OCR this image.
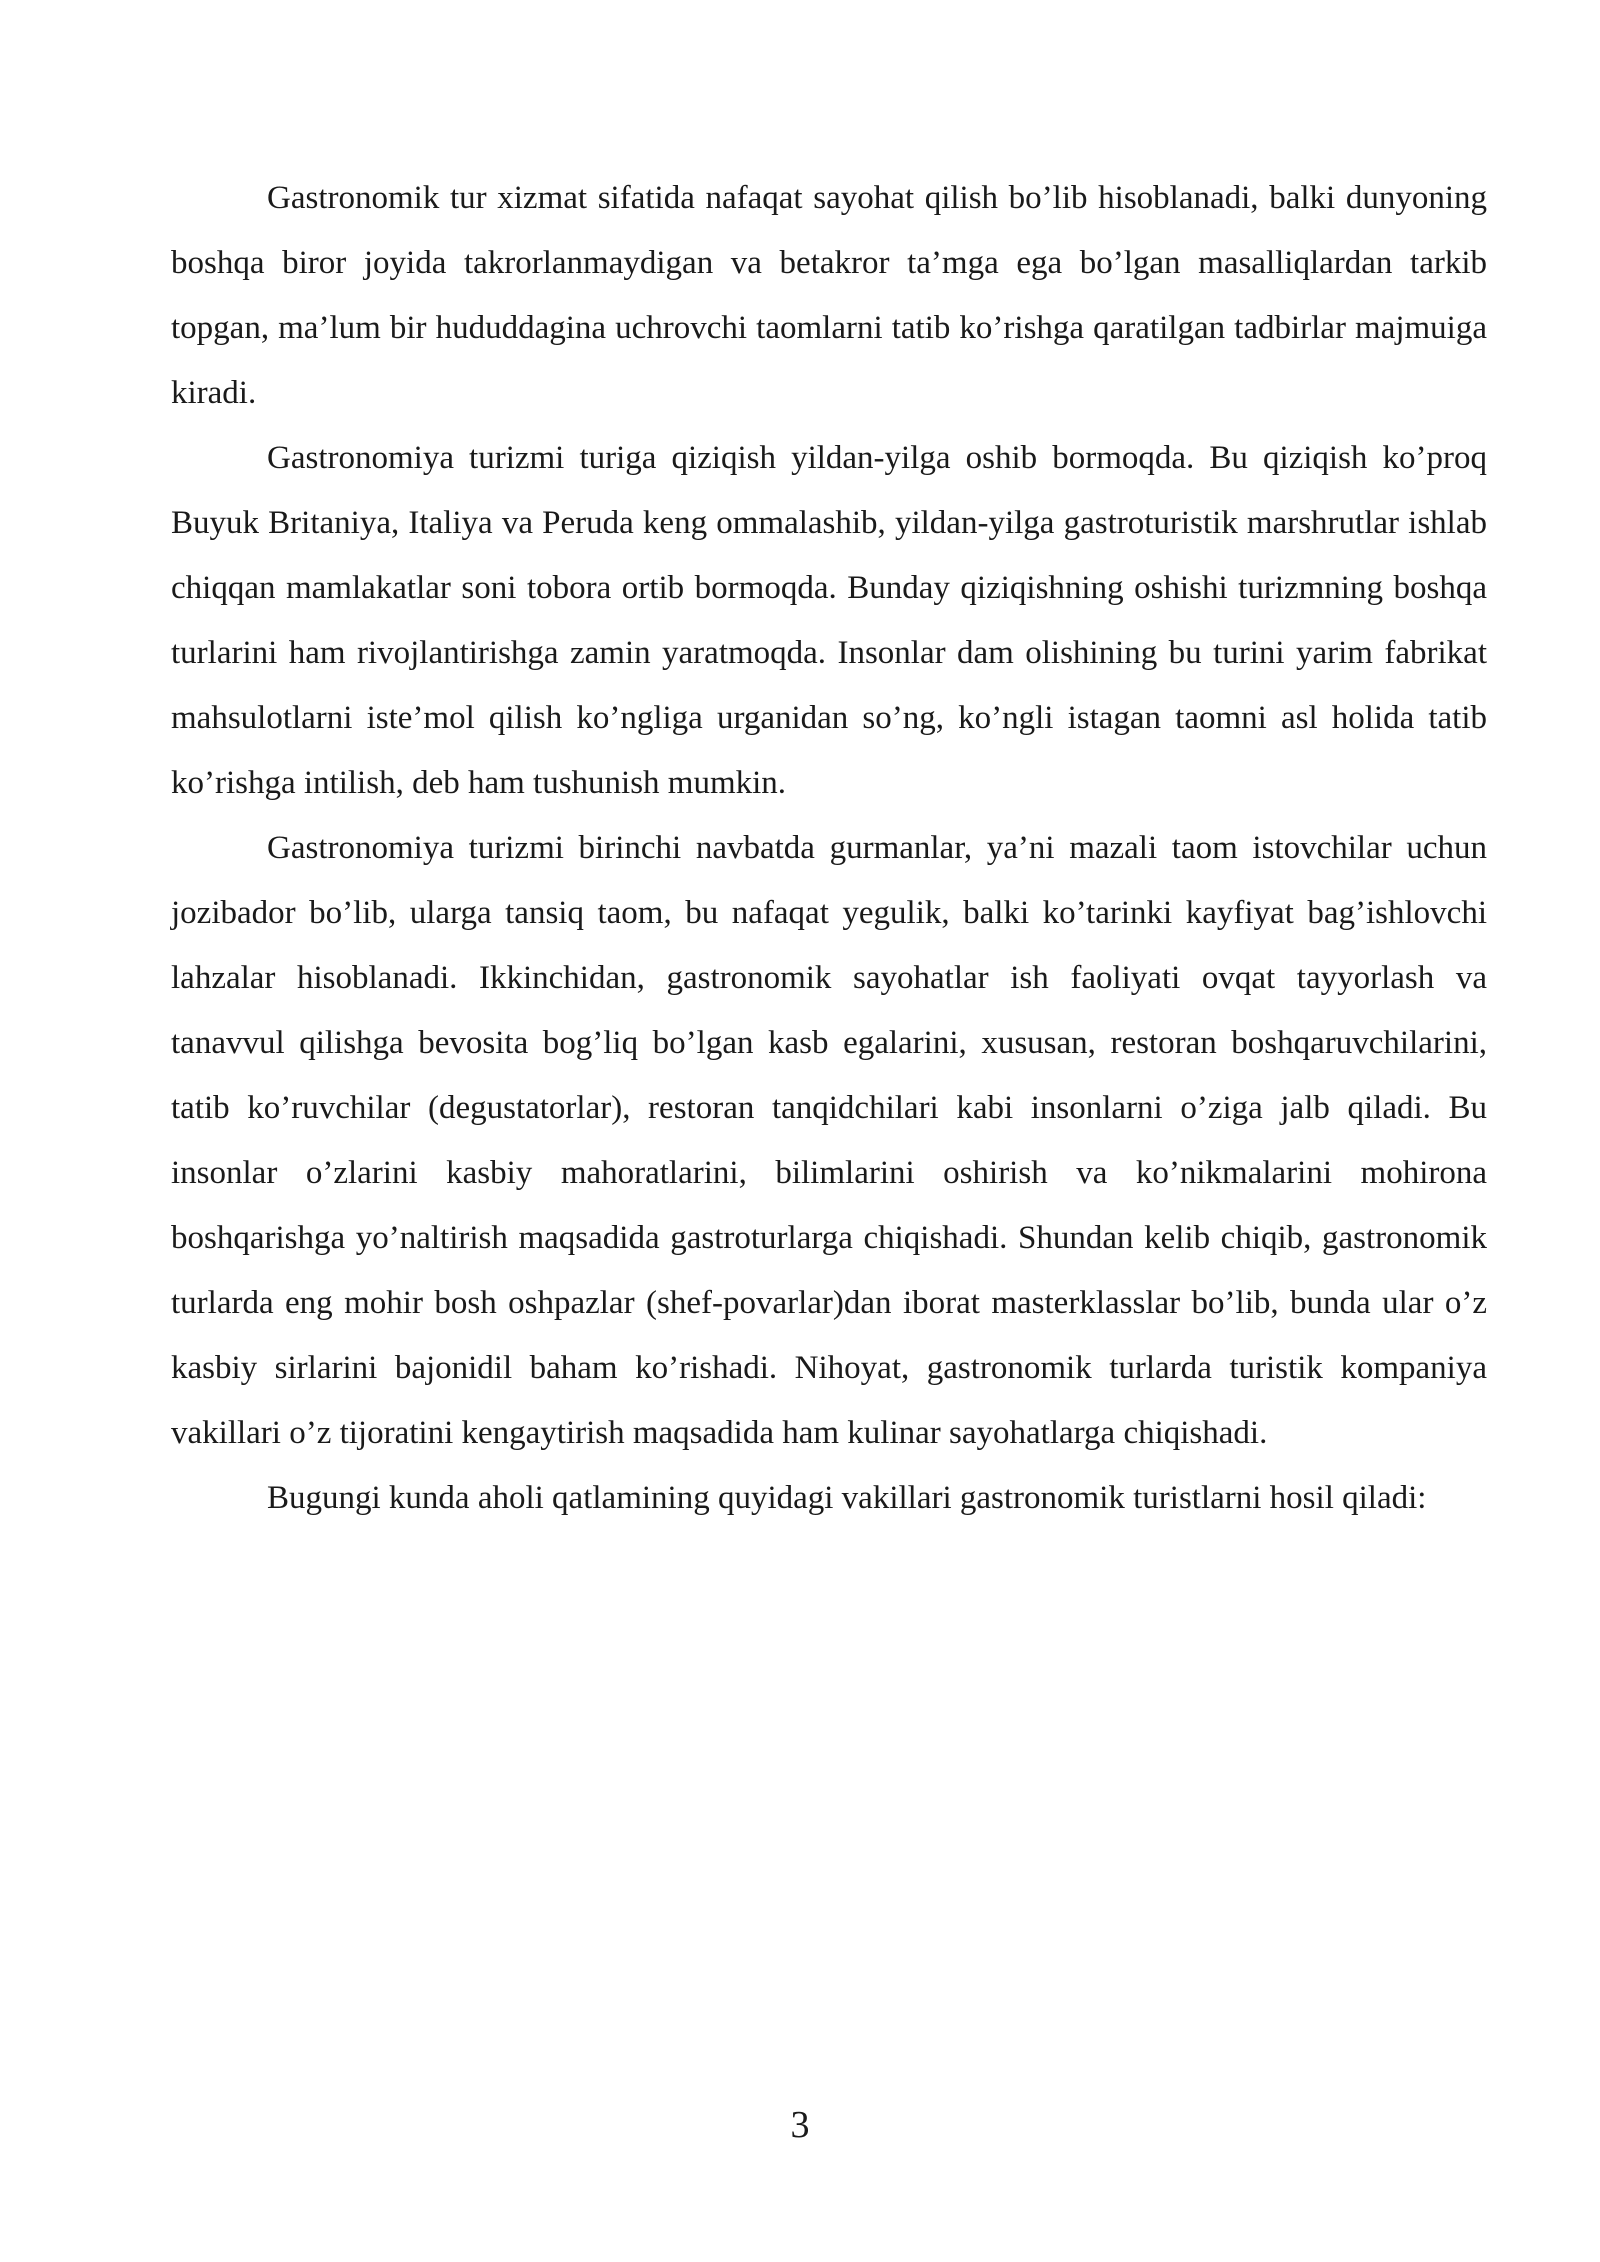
Gastronomik tur xizmat sifatida nafaqat sayohat qilish bo’lib hisoblanadi, balki dunyoning boshqa biror joyida takrorlanmaydigan va betakror ta’mga ega bo’lgan masalliqlardan tarkib topgan, ma’lum bir hududdagina uchrovchi taomlarni tatib ko’rishga qaratilgan tadbirlar majmuiga kiradi.

Gastronomiya turizmi turiga qiziqish yildan-yilga oshib bormoqda. Bu qiziqish ko’proq Buyuk Britaniya, Italiya va Peruda keng ommalashib, yildan-yilga gastroturistik marshrutlar ishlab chiqqan mamlakatlar soni tobora ortib bormoqda. Bunday qiziqishning oshishi turizmning boshqa turlarini ham rivojlantirishga zamin yaratmoqda. Insonlar dam olishining bu turini yarim fabrikat mahsulotlarni iste’mol qilish ko’ngliga urganidan so’ng, ko’ngli istagan taomni asl holida tatib ko’rishga intilish, deb ham tushunish mumkin.

Gastronomiya turizmi birinchi navbatda gurmanlar, ya’ni mazali taom istovchilar uchun jozibador bo’lib, ularga tansiq taom, bu nafaqat yegulik, balki ko’tarinki kayfiyat bag’ishlovchi lahzalar hisoblanadi. Ikkinchidan, gastronomik sayohatlar ish faoliyati ovqat tayyorlash va tanavvul qilishga bevosita bog’liq bo’lgan kasb egalarini, xususan, restoran boshqaruvchilarini, tatib ko’ruvchilar (degustatorlar), restoran tanqidchilari kabi insonlarni o’ziga jalb qiladi. Bu insonlar o’zlarini kasbiy mahoratlarini, bilimlarini oshirish va ko’nikmalarini mohirona boshqarishga yo’naltirish maqsadida gastroturlarga chiqishadi. Shundan kelib chiqib, gastronomik turlarda eng mohir bosh oshpazlar (shef-povarlar)dan iborat masterklasslar bo’lib, bunda ular o’z kasbiy sirlarini bajonidil baham ko’rishadi. Nihoyat, gastronomik turlarda turistik kompaniya vakillari o’z tijoratini kengaytirish maqsadida ham kulinar sayohatlarga chiqishadi.

Bugungi kunda aholi qatlamining quyidagi vakillari gastronomik turistlarni hosil qiladi:

3
